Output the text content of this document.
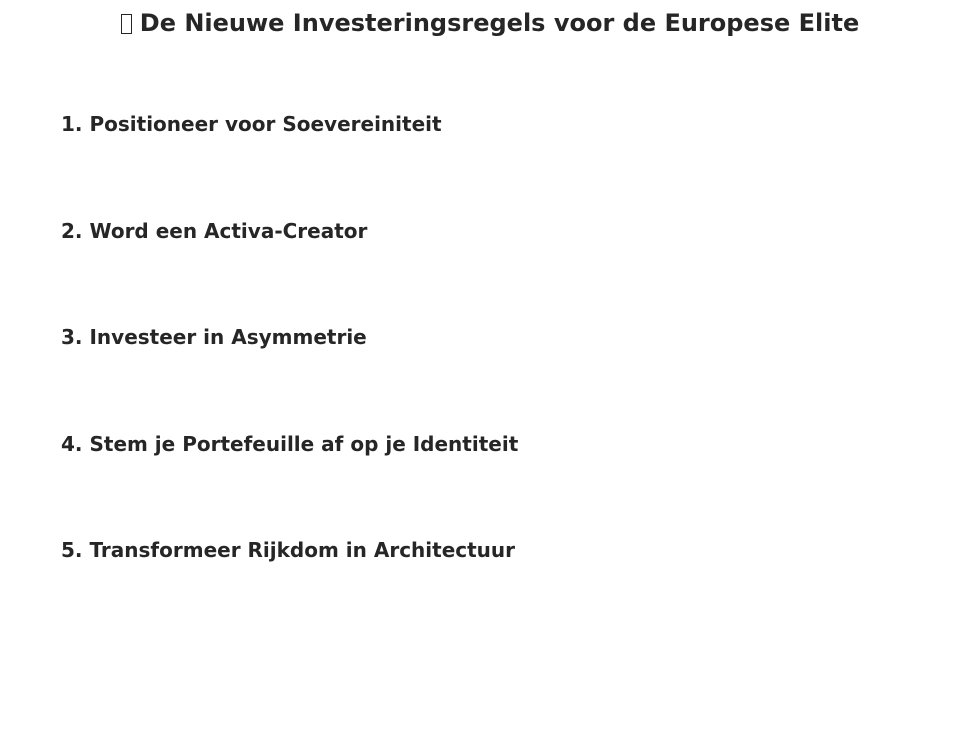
De Nieuwe Investeringsregels voor de Europese Elite
1. Positioneer voor Soevereiniteit
2. Word een Activa-Creator
3. Investeer in Asymmetrie
4. Stem je Portefeuille af op je Identiteit
5. Transformeer Rijkdom in Architectuur
